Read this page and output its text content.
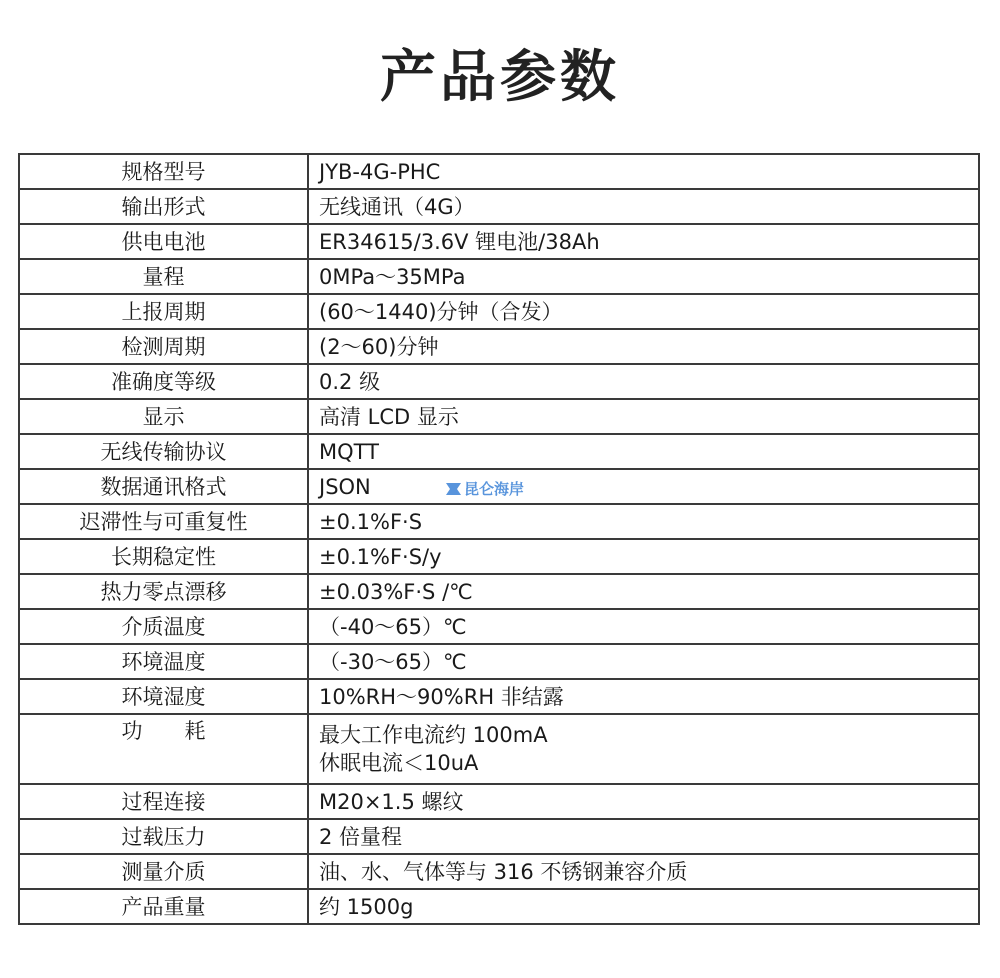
产品参数
规格型号	JYB-4G-PHC
输出形式	无线通讯（4G）
供电电池	ER34615/3.6V 锂电池/38Ah
量程	0MPa～35MPa
上报周期	(60～1440)分钟（合发）
检测周期	(2～60)分钟
准确度等级	0.2 级
显示	高清 LCD 显示
无线传输协议	MQTT
数据通讯格式	JSON
迟滞性与可重复性	±0.1%F·S
长期稳定性	±0.1%F·S/y
热力零点漂移	±0.03%F·S /℃
介质温度	（-40～65）℃
环境温度	（-30～65）℃
环境湿度	10%RH～90%RH 非结露
功　　耗	最大工作电流约 100mA
休眠电流＜10uA

过程连接	M20×1.5 螺纹
过载压力	2 倍量程
测量介质	油、水、气体等与 316 不锈钢兼容介质
产品重量	约 1500g
昆仑海岸
